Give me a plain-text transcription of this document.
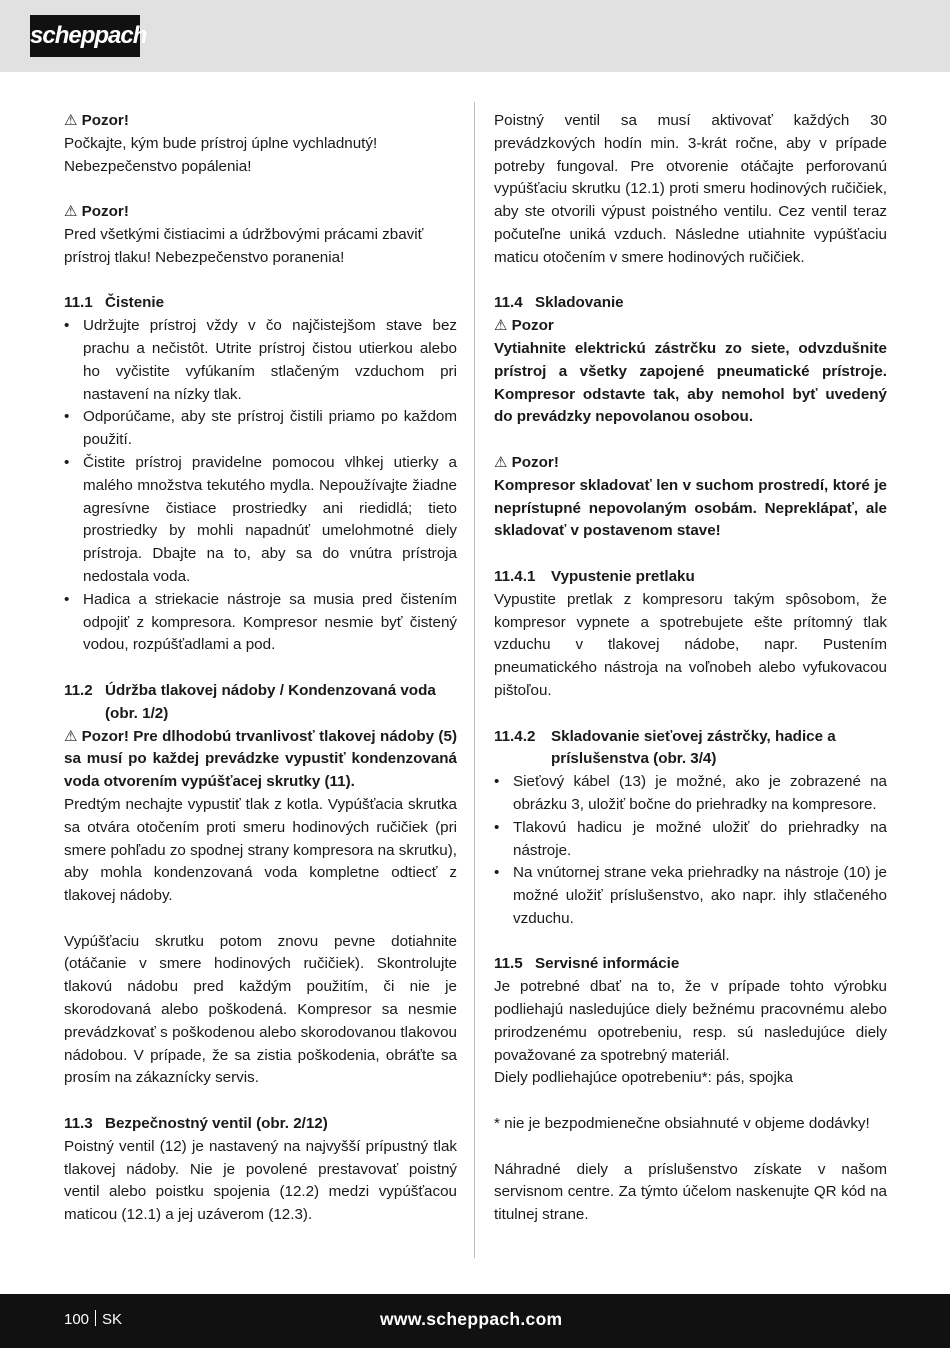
scheppach

⚠ Pozor!

Počkajte, kým bude prístroj úplne vychladnutý! Nebezpečenstvo popálenia!

⚠ Pozor!

Pred všetkými čistiacimi a údržbovými prácami zbaviť prístroj tlaku! Nebezpečenstvo poranenia!

11.1 Čistenie

• Udržujte prístroj vždy v čo najčistejšom stave bez prachu a nečistôt. Utrite prístroj čistou utierkou alebo ho vyčistite vyfúkaním stlačeným vzduchom pri nastavení na nízky tlak.
• Odporúčame, aby ste prístroj čistili priamo po každom použití.
• Čistite prístroj pravidelne pomocou vlhkej utierky a malého množstva tekutého mydla. Nepoužívajte žiadne agresívne čistiace prostriedky ani riedidlá; tieto prostriedky by mohli napadnúť umelohmotné diely prístroja. Dbajte na to, aby sa do vnútra prístroja nedostala voda.
• Hadica a striekacie nástroje sa musia pred čistením odpojiť z kompresora. Kompresor nesmie byť čistený vodou, rozpúšťadlami a pod.
11.2 Údržba tlakovej nádoby / Kondenzovaná voda (obr. 1/2)

⚠ Pozor! Pre dlhodobú trvanlivosť tlakovej nádoby (5) sa musí po každej prevádzke vypustiť kondenzovaná voda otvorením vypúšťacej skrutky (11).

Predtým nechajte vypustiť tlak z kotla. Vypúšťacia skrutka sa otvára otočením proti smeru hodinových ručičiek (pri smere pohľadu zo spodnej strany kompresora na skrutku), aby mohla kondenzovaná voda kompletne odtiecť z tlakovej nádoby.

Vypúšťaciu skrutku potom znovu pevne dotiahnite (otáčanie v smere hodinových ručičiek). Skontrolujte tlakovú nádobu pred každým použitím, či nie je skorodovaná alebo poškodená. Kompresor sa nesmie prevádzkovať s poškodenou alebo skorodovanou tlakovou nádobou. V prípade, že sa zistia poškodenia, obráťte sa prosím na zákaznícky servis.

11.3 Bezpečnostný ventil (obr. 2/12)

Poistný ventil (12) je nastavený na najvyšší prípustný tlak tlakovej nádoby. Nie je povolené prestavovať poistný ventil alebo poistku spojenia (12.2) medzi vypúšťacou maticou (12.1) a jej uzáverom (12.3).

Poistný ventil sa musí aktivovať každých 30 prevádzkových hodín min. 3-krát ročne, aby v prípade potreby fungoval. Pre otvorenie otáčajte perforovanú vypúšťaciu skrutku (12.1) proti smeru hodinových ručičiek, aby ste otvorili výpust poistného ventilu. Cez ventil teraz počuteľne uniká vzduch. Následne utiahnite vypúšťaciu maticu otočením v smere hodinových ručičiek.

11.4 Skladovanie

⚠ Pozor

Vytiahnite elektrickú zástrčku zo siete, odvzdušnite prístroj a všetky zapojené pneumatické prístroje. Kompresor odstavte tak, aby nemohol byť uvedený do prevádzky nepovolanou osobou.

⚠ Pozor!

Kompresor skladovať len v suchom prostredí, ktoré je neprístupné nepovolaným osobám. Nepreklápať, ale skladovať v postavenom stave!

11.4.1 Vypustenie pretlaku

Vypustite pretlak z kompresoru takým spôsobom, že kompresor vypnete a spotrebujete ešte prítomný tlak vzduchu v tlakovej nádobe, napr. Pustením pneumatického nástroja na voľnobeh alebo vyfukovacou pištoľou.

11.4.2	Skladovanie sieťovej zástrčky, hadice a príslušenstva (obr. 3/4)
• Sieťový kábel (13) je možné, ako je zobrazené na obrázku 3, uložiť bočne do priehradky na kompresore.
• Tlakovú hadicu je možné uložiť do priehradky na nástroje.
• Na vnútornej strane veka priehradky na nástroje (10) je možné uložiť príslušenstvo, ako napr. ihly stlačeného vzduchu.

11.5 Servisné informácie

Je potrebné dbať na to, že v prípade tohto výrobku podliehajú nasledujúce diely bežnému pracovnému alebo prirodzenému opotrebeniu, resp. sú nasledujúce diely považované za spotrebný materiál.

Diely podliehajúce opotrebeniu*: pás, spojka

* nie je bezpodmienečne obsiahnuté v objeme dodávky!

Náhradné diely a príslušenstvo získate v našom servisnom centre. Za týmto účelom naskenujte QR kód na titulnej strane.

100 SK	www.scheppach.com
